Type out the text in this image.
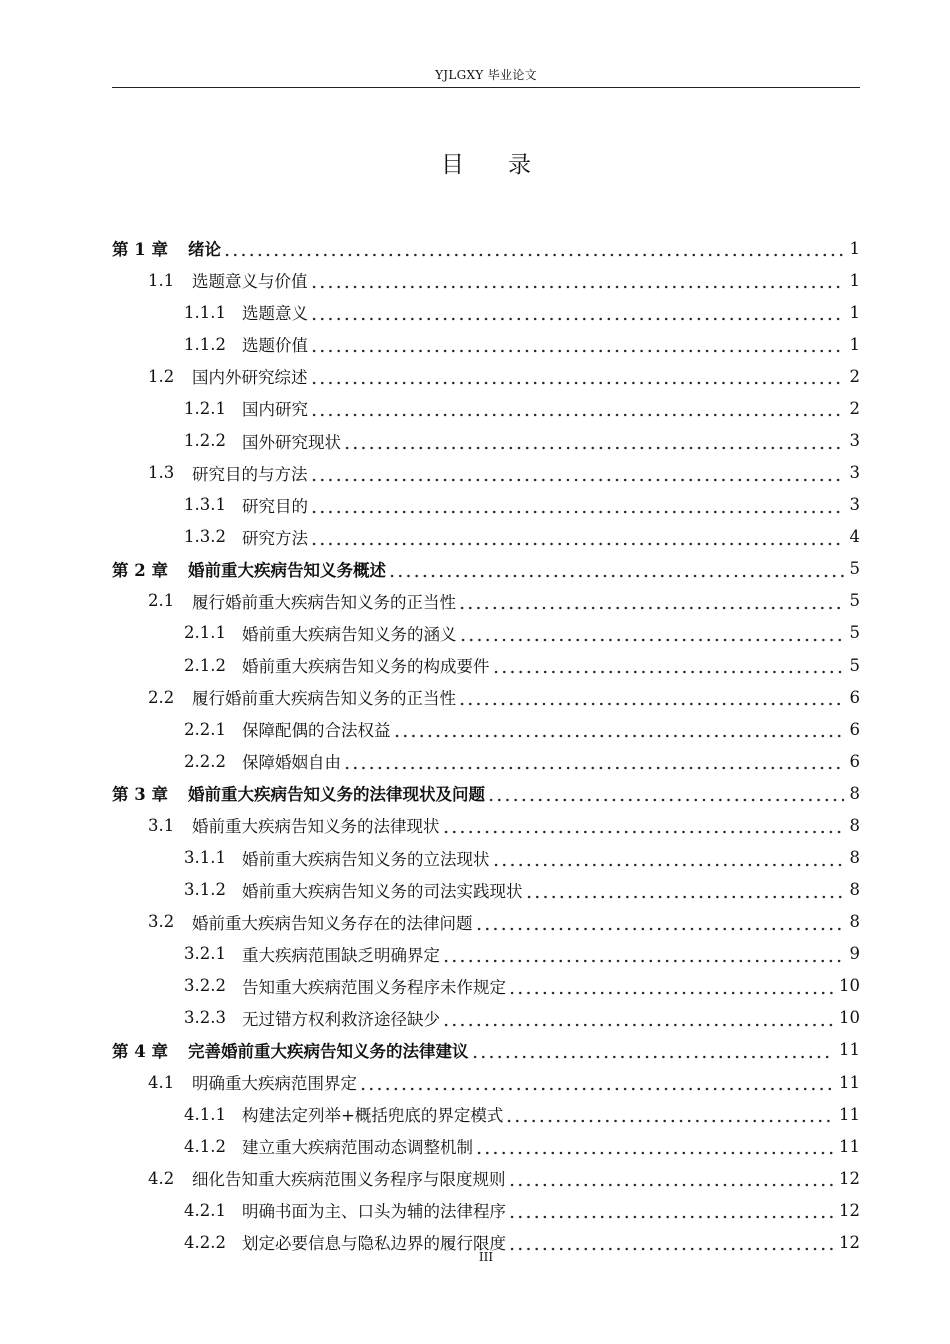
YJLGXY 毕业论文
目录
第 1 章	绪论	1
1.1	选题意义与价值	1
1.1.1 选题意义	1
1.1.2 选题价值	1
1.2	国内外研究综述	2
1.2.1 国内研究	2
1.2.2 国外研究现状	3
1.3	研究目的与方法	3
1.3.1 研究目的	3
1.3.2 研究方法	4
第 2 章	婚前重大疾病告知义务概述	5
2.1	履行婚前重大疾病告知义务的正当性	5
2.1.1 婚前重大疾病告知义务的涵义	5
2.1.2 婚前重大疾病告知义务的构成要件	5
2.2	履行婚前重大疾病告知义务的正当性	6
2.2.1 保障配偶的合法权益	6
2.2.2 保障婚姻自由	6
第 3 章	婚前重大疾病告知义务的法律现状及问题	8
3.1	婚前重大疾病告知义务的法律现状	8
3.1.1 婚前重大疾病告知义务的立法现状	8
3.1.2 婚前重大疾病告知义务的司法实践现状	8
3.2	婚前重大疾病告知义务存在的法律问题	8
3.2.1 重大疾病范围缺乏明确界定	9
3.2.2 告知重大疾病范围义务程序未作规定	10
3.2.3 无过错方权利救济途径缺少	10
第 4 章	完善婚前重大疾病告知义务的法律建议	11
4.1	明确重大疾病范围界定	11
4.1.1 构建法定列举+概括兜底的界定模式	11
4.1.2 建立重大疾病范围动态调整机制	11
4.2	细化告知重大疾病范围义务程序与限度规则	12
4.2.1 明确书面为主、口头为辅的法律程序	12
4.2.2 划定必要信息与隐私边界的履行限度	12
III
